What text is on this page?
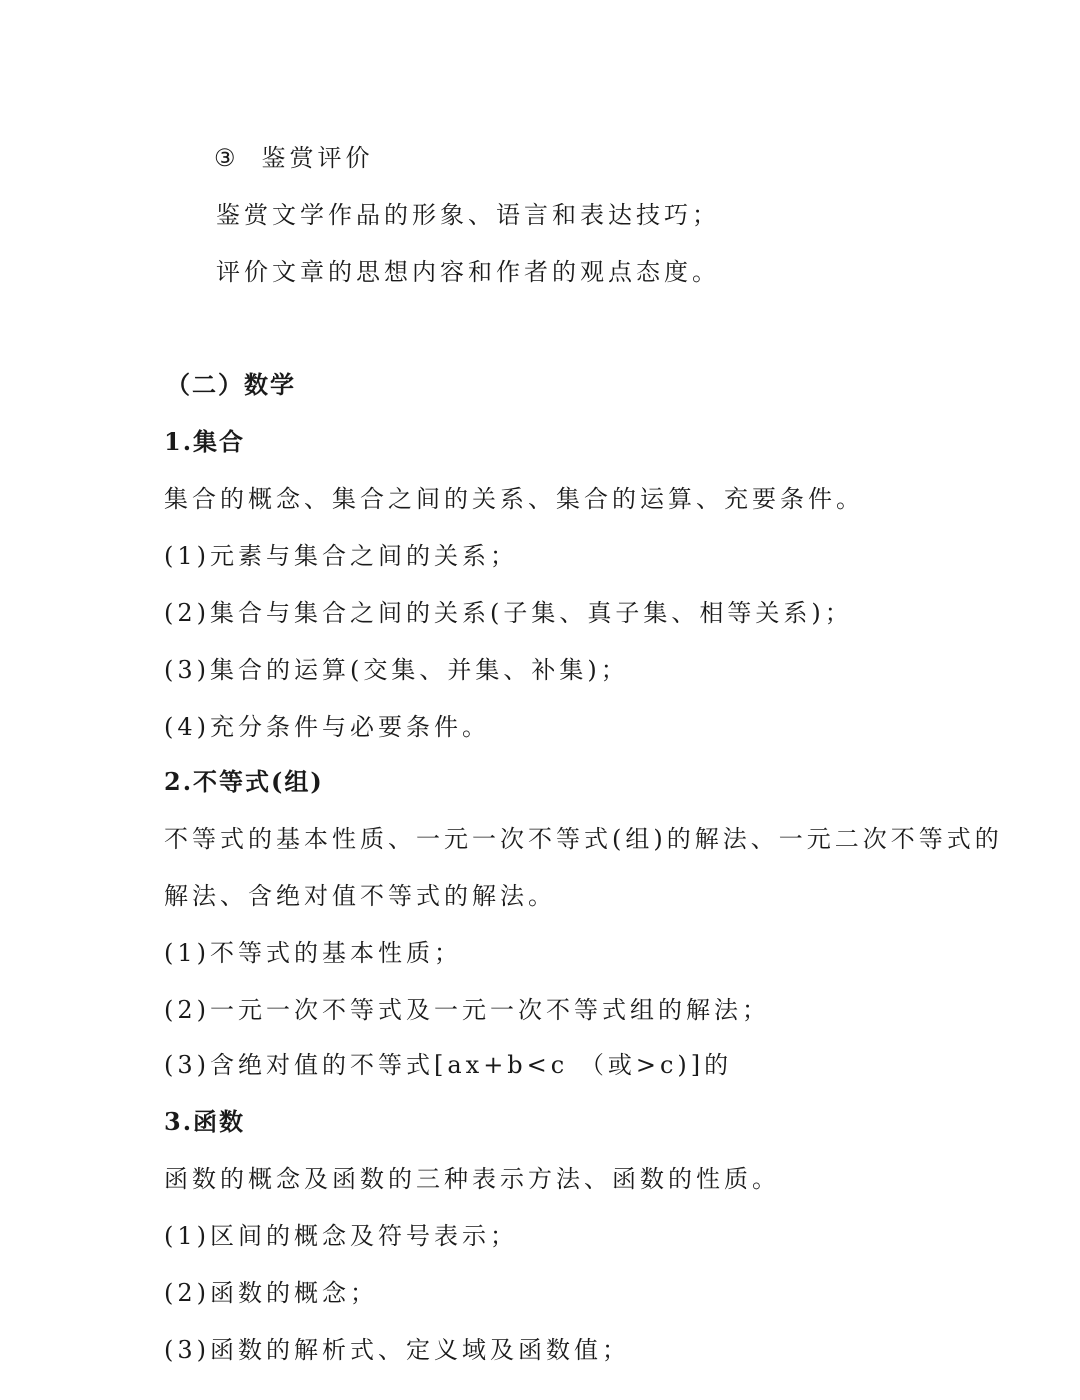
③ 鉴赏评价
鉴赏文学作品的形象、语言和表达技巧；
评价文章的思想内容和作者的观点态度。
（二）数学
1.集合
集合的概念、集合之间的关系、集合的运算、充要条件。
(1)元素与集合之间的关系；
(2)集合与集合之间的关系(子集、真子集、相等关系)；
(3)集合的运算(交集、并集、补集)；
(4)充分条件与必要条件。
2.不等式(组)
不等式的基本性质、一元一次不等式(组)的解法、一元二次不等式的
解法、含绝对值不等式的解法。
(1)不等式的基本性质；
(2)一元一次不等式及一元一次不等式组的解法；
(3)含绝对值的不等式[ax+b<c （或>c)]的
3.函数
函数的概念及函数的三种表示方法、函数的性质。
(1)区间的概念及符号表示；
(2)函数的概念；
(3)函数的解析式、定义域及函数值；
